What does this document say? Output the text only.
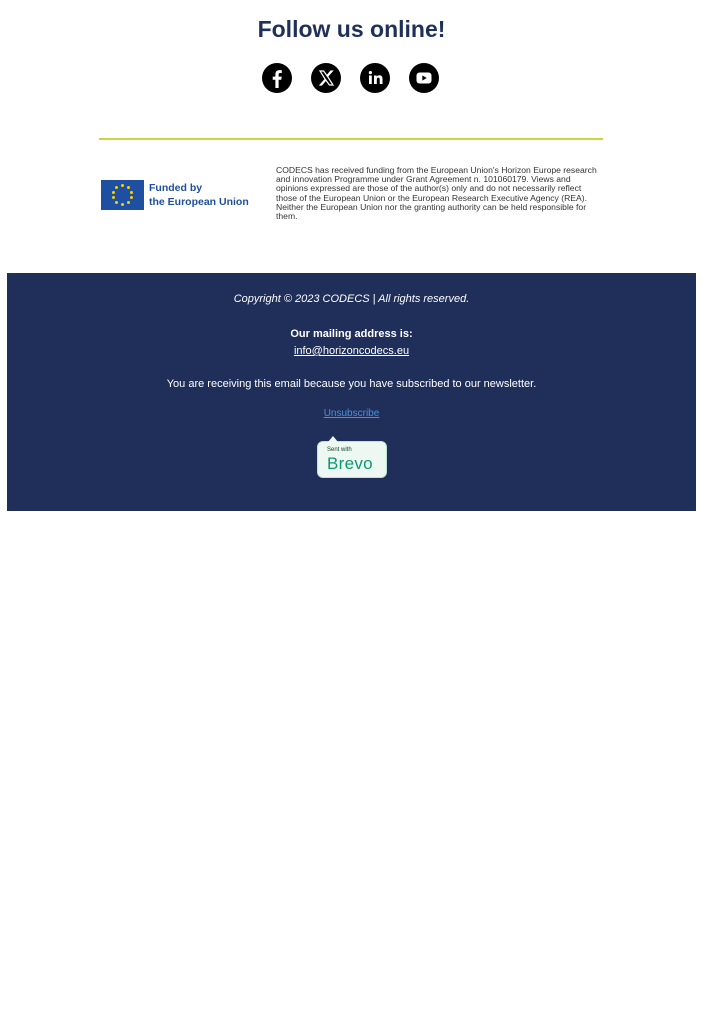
Follow us online!
Funded by
the European Union

CODECS has received funding from the European Union's Horizon Europe research and innovation Programme under Grant Agreement n. 101060179. Views and opinions expressed are those of the author(s) only and do not necessarily reflect those of the European Union or the European Research Executive Agency (REA). Neither the European Union nor the granting authority can be held responsible for them.

Copyright © 2023 CODECS | All rights reserved.

Our mailing address is:

info@horizoncodecs.eu

You are receiving this email because you have subscribed to our newsletter.

Unsubscribe

Sent with
Brevo
